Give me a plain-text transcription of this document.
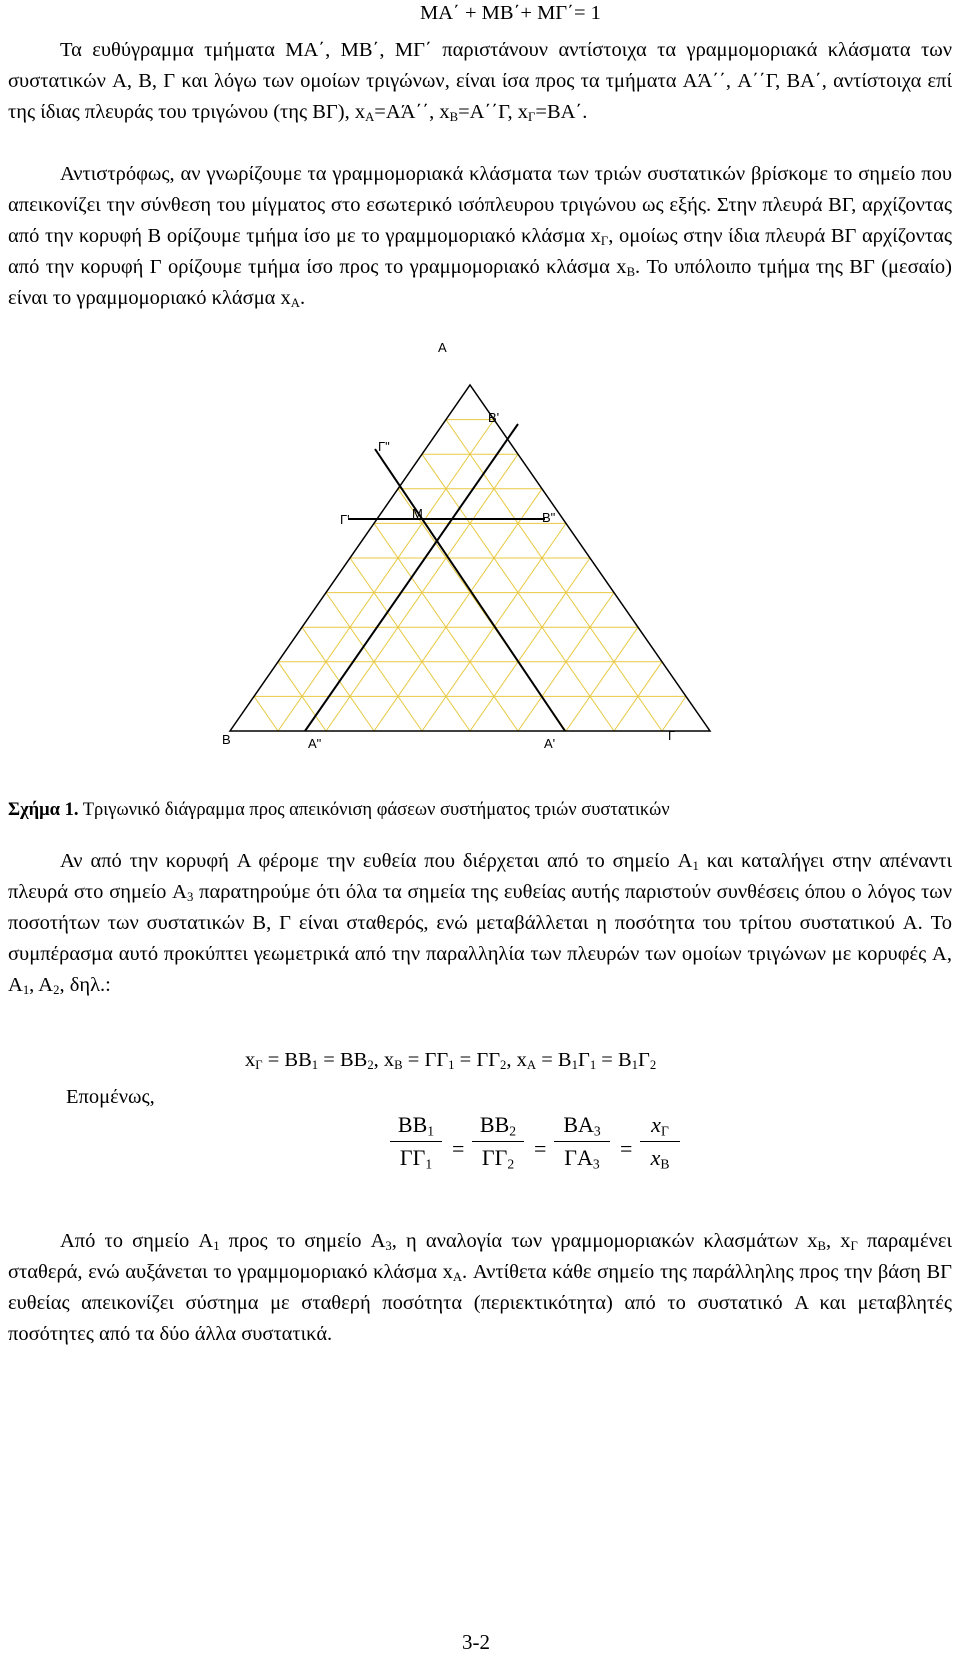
MA΄ + MB΄+ MΓ΄= 1

Τα ευθύγραμμα τμήματα MA΄, MB΄, MΓ΄ παριστάνουν αντίστοιχα τα γραμμομοριακά κλάσματα των συστατικών A, B, Γ και λόγω των ομοίων τριγώνων, είναι ίσα προς τα τμήματα AΆ΄΄, A΄΄Γ, BA΄, αντίστοιχα επί της ίδιας πλευράς του τριγώνου (της ΒΓ), $x_A=AΆ΄΄$, $x_B=A΄΄\Gamma$, $x_\Gamma=BA΄$.

Αντιστρόφως, αν γνωρίζουμε τα γραμμομοριακά κλάσματα των τριών συστατικών βρίσκομε το σημείο που απεικονίζει την σύνθεση του μίγματος στο εσωτερικό ισόπλευρου τριγώνου ως εξής. Στην πλευρά ΒΓ, αρχίζοντας από την κορυφή Β ορίζουμε τμήμα ίσο με το γραμμομοριακό κλάσμα $x_\Gamma$, ομοίως στην ίδια πλευρά ΒΓ αρχίζοντας από την κορυφή Γ ορίζουμε τμήμα ίσο προς το γραμμομοριακό κλάσμα $x_B$. Το υπόλοιπο τμήμα της ΒΓ (μεσαίο) είναι το γραμμομοριακό κλάσμα $x_A$.

A
B'
Γ"
Γ'	M	B"
B	A"	A'
Γ
Σχήμα 1. Τριγωνικό διάγραμμα προς απεικόνιση φάσεων συστήματος τριών συστατικών

Αν από την κορυφή A φέρομε την ευθεία που διέρχεται από το σημείο $A_1$ και καταλήγει στην απέναντι πλευρά στο σημείο $A_3$ παρατηρούμε ότι όλα τα σημεία της ευθείας αυτής παριστούν συνθέσεις όπου ο λόγος των ποσοτήτων των συστατικών B, Γ είναι σταθερός, ενώ μεταβάλλεται η ποσότητα του τρίτου συστατικού A. Το συμπέρασμα αυτό προκύπτει γεωμετρικά από την παραλληλία των πλευρών των ομοίων τριγώνων με κορυφές A, $A_1$, $A_2$, δηλ.:

$x_\Gamma = BB_1 = BB_2$, $x_B = \Gamma\Gamma_1 = \Gamma\Gamma_2$, $x_A = B_1\Gamma_1 = B_1\Gamma_2$
Επομένως,
$\frac{BB_1}{\Gamma\Gamma_1} = \frac{BB_2}{\Gamma\Gamma_2} = \frac{BA_3}{\Gamma A_3} = \frac{x_\Gamma}{x_B}$

Από το σημείο $A_1$ προς το σημείο $A_3$, η αναλογία των γραμμομοριακών κλασμάτων $x_B$, $x_\Gamma$ παραμένει σταθερά, ενώ αυξάνεται το γραμμομοριακό κλάσμα $x_A$. Αντίθετα κάθε σημείο της παράλληλης προς την βάση ΒΓ ευθείας απεικονίζει σύστημα με σταθερή ποσότητα (περιεκτικότητα) από το συστατικό A και μεταβλητές ποσότητες από τα δύο άλλα συστατικά.

3-2
